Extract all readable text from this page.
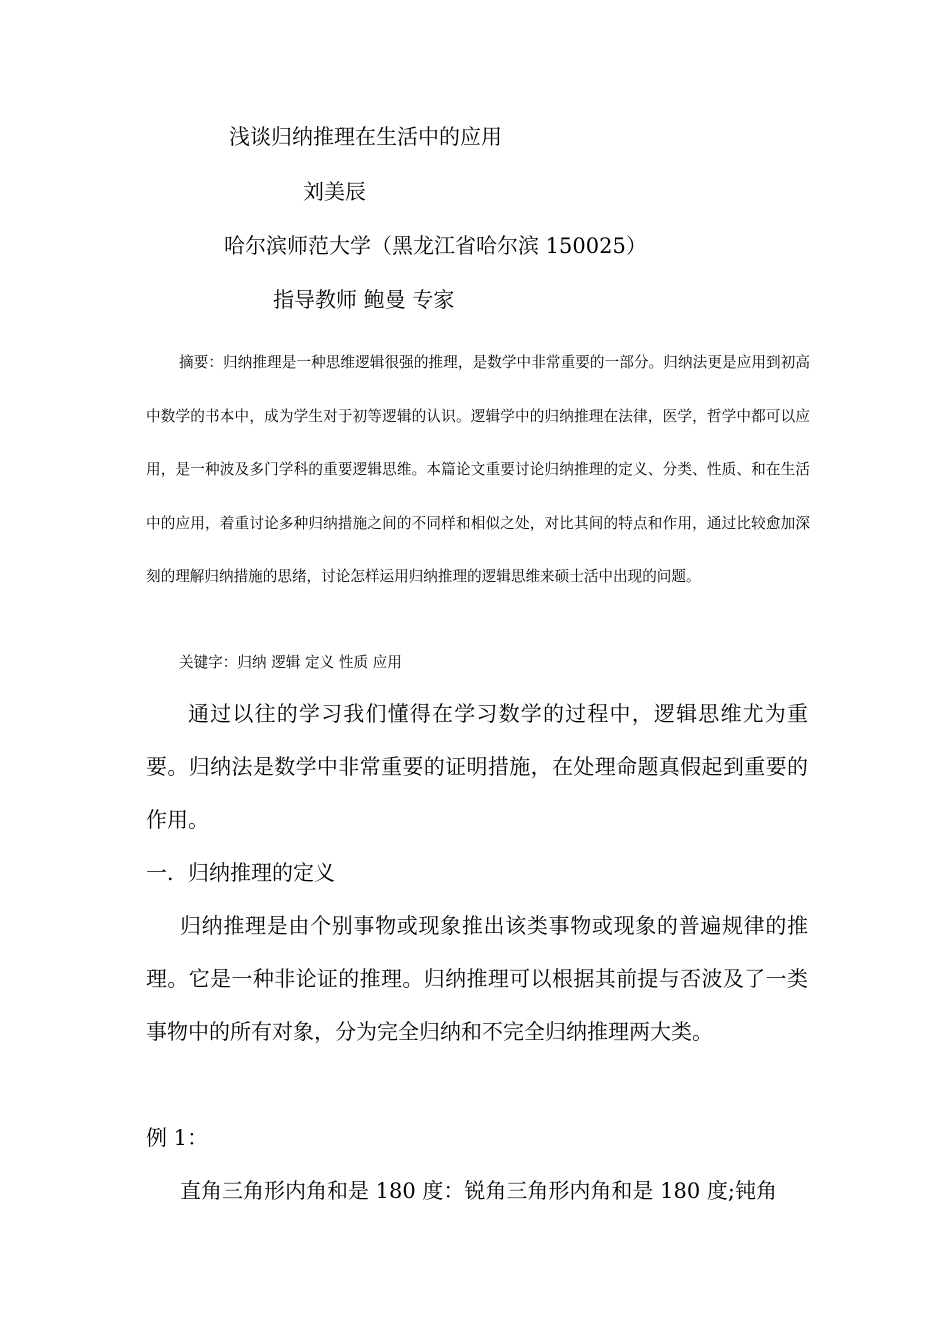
浅谈归纳推理在生活中的应用
刘美辰
哈尔滨师范大学（黑龙江省哈尔滨 150025）
指导教师 鲍曼 专家
摘要：归纳推理是一种思维逻辑很强的推理，是数学中非常重要的一部分。归纳法更是应用到初高中数学的书本中，成为学生对于初等逻辑的认识。逻辑学中的归纳推理在法律，医学，哲学中都可以应用，是一种波及多门学科的重要逻辑思维。本篇论文重要讨论归纳推理的定义、分类、性质、和在生活中的应用，着重讨论多种归纳措施之间的不同样和相似之处，对比其间的特点和作用，通过比较愈加深刻的理解归纳措施的思绪，讨论怎样运用归纳推理的逻辑思维来硕士活中出现的问题。
关键字：归纳 逻辑 定义 性质 应用
通过以往的学习我们懂得在学习数学的过程中，逻辑思维尤为重要。归纳法是数学中非常重要的证明措施，在处理命题真假起到重要的作用。
一．归纳推理的定义
归纳推理是由个别事物或现象推出该类事物或现象的普遍规律的推理。它是一种非论证的推理。归纳推理可以根据其前提与否波及了一类事物中的所有对象，分为完全归纳和不完全归纳推理两大类。
例 1：
直角三角形内角和是 180 度：锐角三角形内角和是 180 度;钝角
